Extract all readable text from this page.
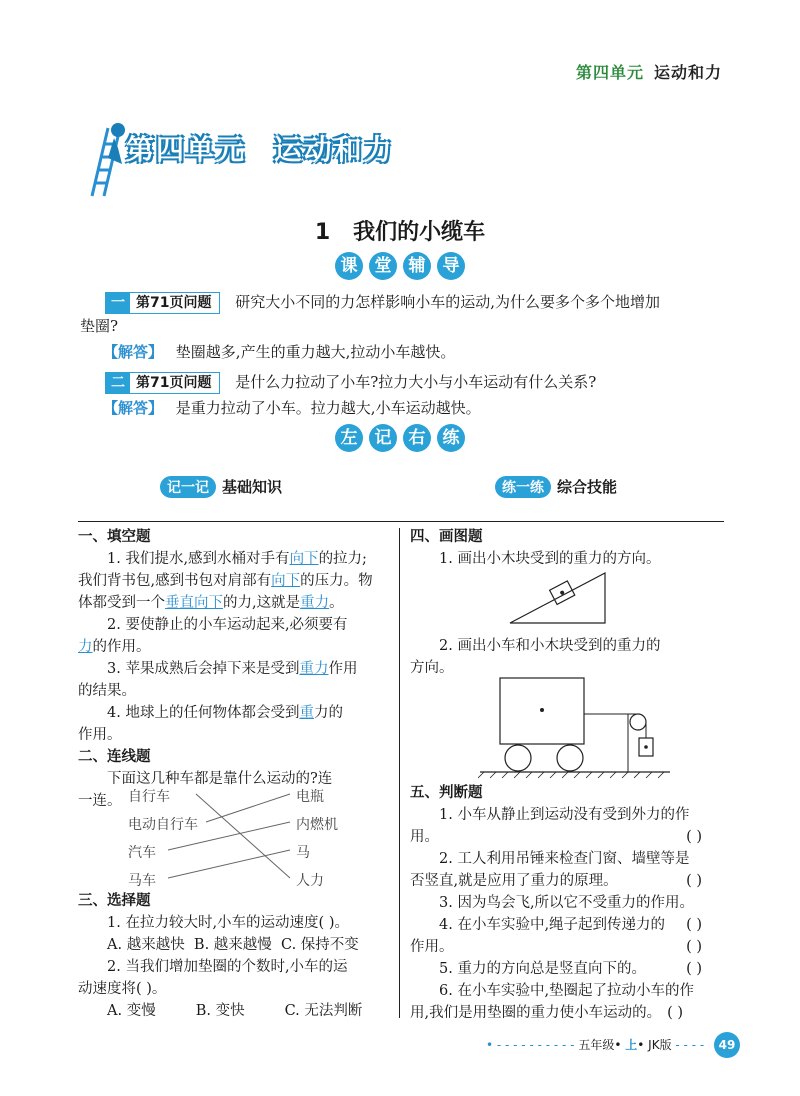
第四单元 运动和力
第四单元 运动和力
1 我们的小缆车
课 堂 辅 导
一 第71页问题 研究大小不同的力怎样影响小车的运动,为什么要多个多个地增加
垫圈?
【解答】 垫圈越多,产生的重力越大,拉动小车越快。
二 第71页问题 是什么力拉动了小车?拉力大小与小车运动有什么关系?
【解答】 是重力拉动了小车。拉力越大,小车运动越快。
左 记 右 练
记一记 基础知识	练一练 综合技能

一、填空题

1. 我们提水,感到水桶对手有向下的拉力;

我们背书包,感到书包对肩部有向下的压力。物

体都受到一个垂直向下的力,这就是重力。

2. 要使静止的小车运动起来,必须要有

力的作用。

3. 苹果成熟后会掉下来是受到重力作用

的结果。

4. 地球上的任何物体都会受到重力的

作用。

二、连线题

下面这几种车都是靠什么运动的?连

一连。 自行车
电动自行车
汽车
马车
电瓶
内燃机
马
人力

三、选择题

1. 在拉力较大时,小车的运动速度( )。

A. 越来越快 B. 越来越慢 C. 保持不变

2. 当我们增加垫圈的个数时,小车的运

动速度将( )。

A. 变慢	B. 变快	C. 无法判断

四、画图题

1. 画出小木块受到的重力的方向。

2. 画出小车和小木块受到的重力的

方向。

五、判断题

1. 小车从静止到运动没有受到外力的作

用。	( )

2. 工人利用吊锤来检查门窗、墙壁等是

否竖直,就是应用了重力的原理。	( )

3. 因为鸟会飞,所以它不受重力的作用。

( )

4. 在小车实验中,绳子起到传递力的

作用。	( )

5. 重力的方向总是竖直向下的。	( )

6. 在小车实验中,垫圈起了拉动小车的作

用,我们是用垫圈的重力使小车运动的。 ( )

• - - - - - - - - - - 五年级• 上• JK版 - - - - 49
